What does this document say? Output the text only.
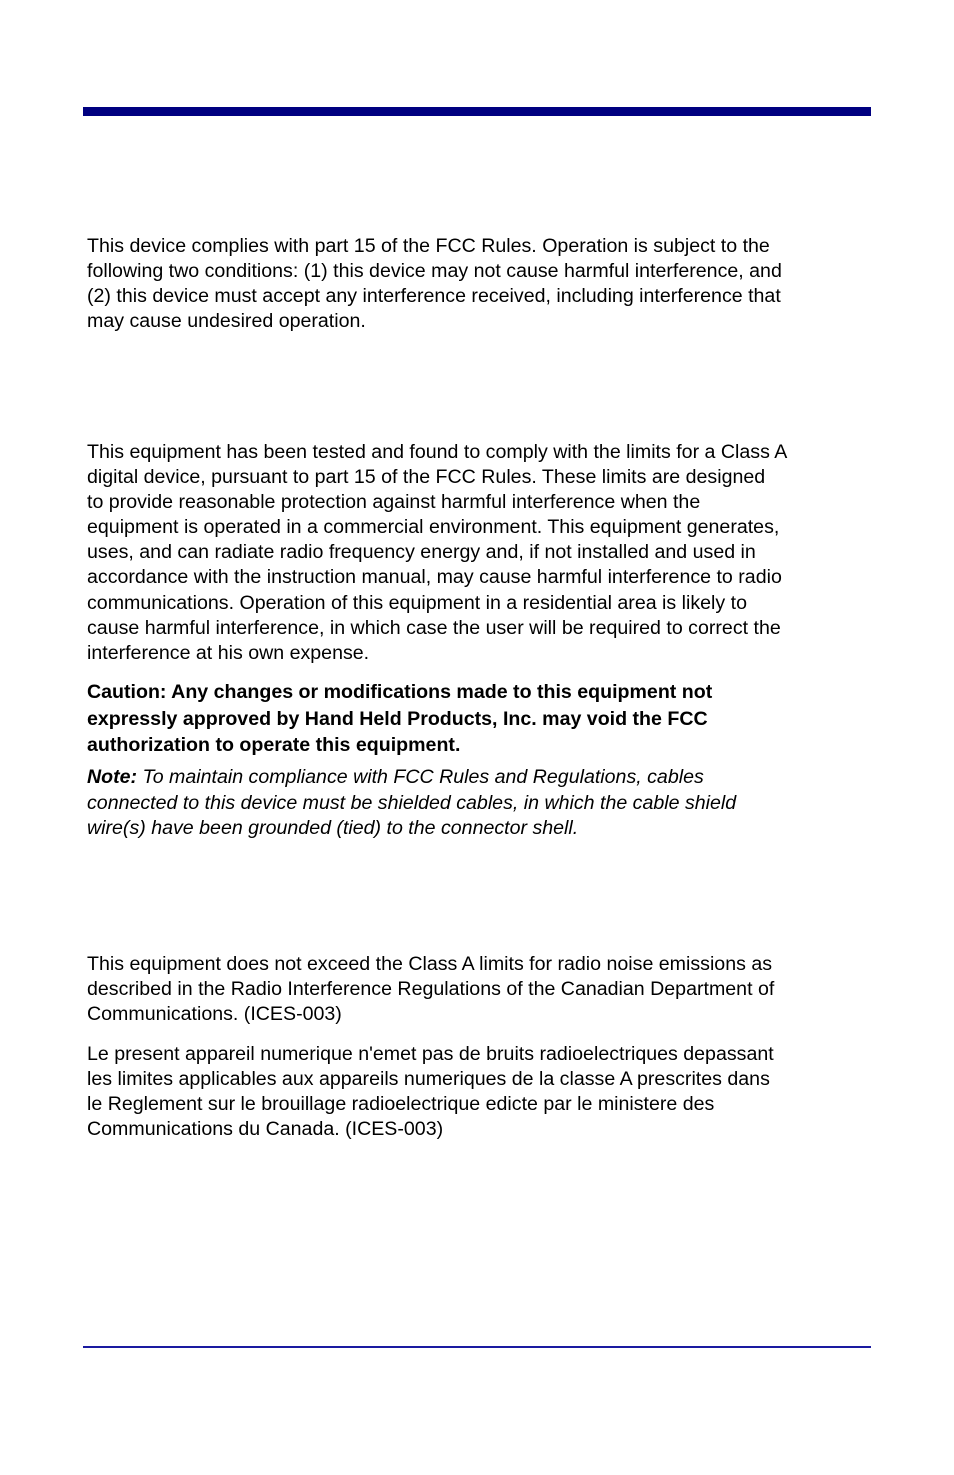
This device complies with part 15 of the FCC Rules. Operation is subject to the
following two conditions: (1) this device may not cause harmful interference, and
(2) this device must accept any interference received, including interference that
may cause undesired operation.

This equipment has been tested and found to comply with the limits for a Class A
digital device, pursuant to part 15 of the FCC Rules. These limits are designed
to provide reasonable protection against harmful interference when the
equipment is operated in a commercial environment. This equipment generates,
uses, and can radiate radio frequency energy and, if not installed and used in
accordance with the instruction manual, may cause harmful interference to radio
communications. Operation of this equipment in a residential area is likely to
cause harmful interference, in which case the user will be required to correct the
interference at his own expense.

Caution: Any changes or modifications made to this equipment not
expressly approved by Hand Held Products, Inc. may void the FCC
authorization to operate this equipment.

Note: To maintain compliance with FCC Rules and Regulations, cables
connected to this device must be shielded cables, in which the cable shield
wire(s) have been grounded (tied) to the connector shell.

This equipment does not exceed the Class A limits for radio noise emissions as
described in the Radio Interference Regulations of the Canadian Department of
Communications. (ICES-003)

Le present appareil numerique n'emet pas de bruits radioelectriques depassant
les limites applicables aux appareils numeriques de la classe A prescrites dans
le Reglement sur le brouillage radioelectrique edicte par le ministere des
Communications du Canada. (ICES-003)
